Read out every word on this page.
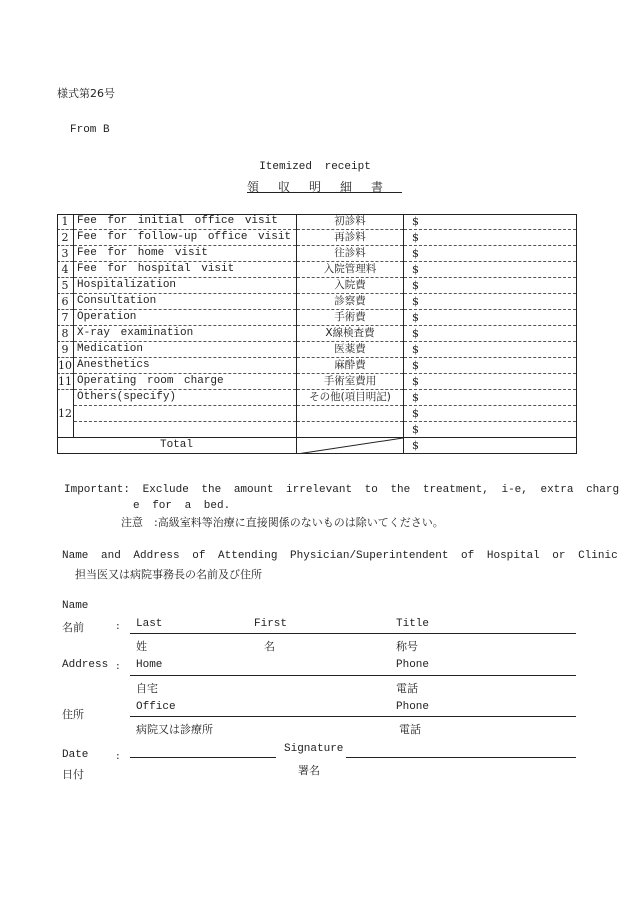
様式第26号
From B
Itemized receipt
領収明細書
1	Fee for initial office visit	初診料	$
2	Fee for follow-up office visit	再診料	$
3	Fee for home visit	往診料	$
4	Fee for hospital visit	入院管理料	$
5	Hospitalization	入院費	$
6	Consultation	診察費	$
7	Operation	手術費	$
8	X-ray examination	X線検査費	$
9	Medication	医薬費	$
10	Anesthetics	麻酔費	$
11	Operating room charge	手術室費用	$
12	Others(specify)	その他(項目明記)	$
			$
			$
Total			$
Important: Exclude the amount irrelevant to the treatment, i-e, extra charg
e for a bed.
注意　:高級室料等治療に直接関係のないものは除いてください。
Name and Address of Attending Physician/Superintendent of Hospital or Clinic
担当医又は病院事務長の名前及び住所
Name
名前	: Last	First	Title
姓	名	称号
Address : Home	Phone
自宅	電話
住所
Office	Phone
病院又は診療所	電話
Date	:	Signature
日付	署名
